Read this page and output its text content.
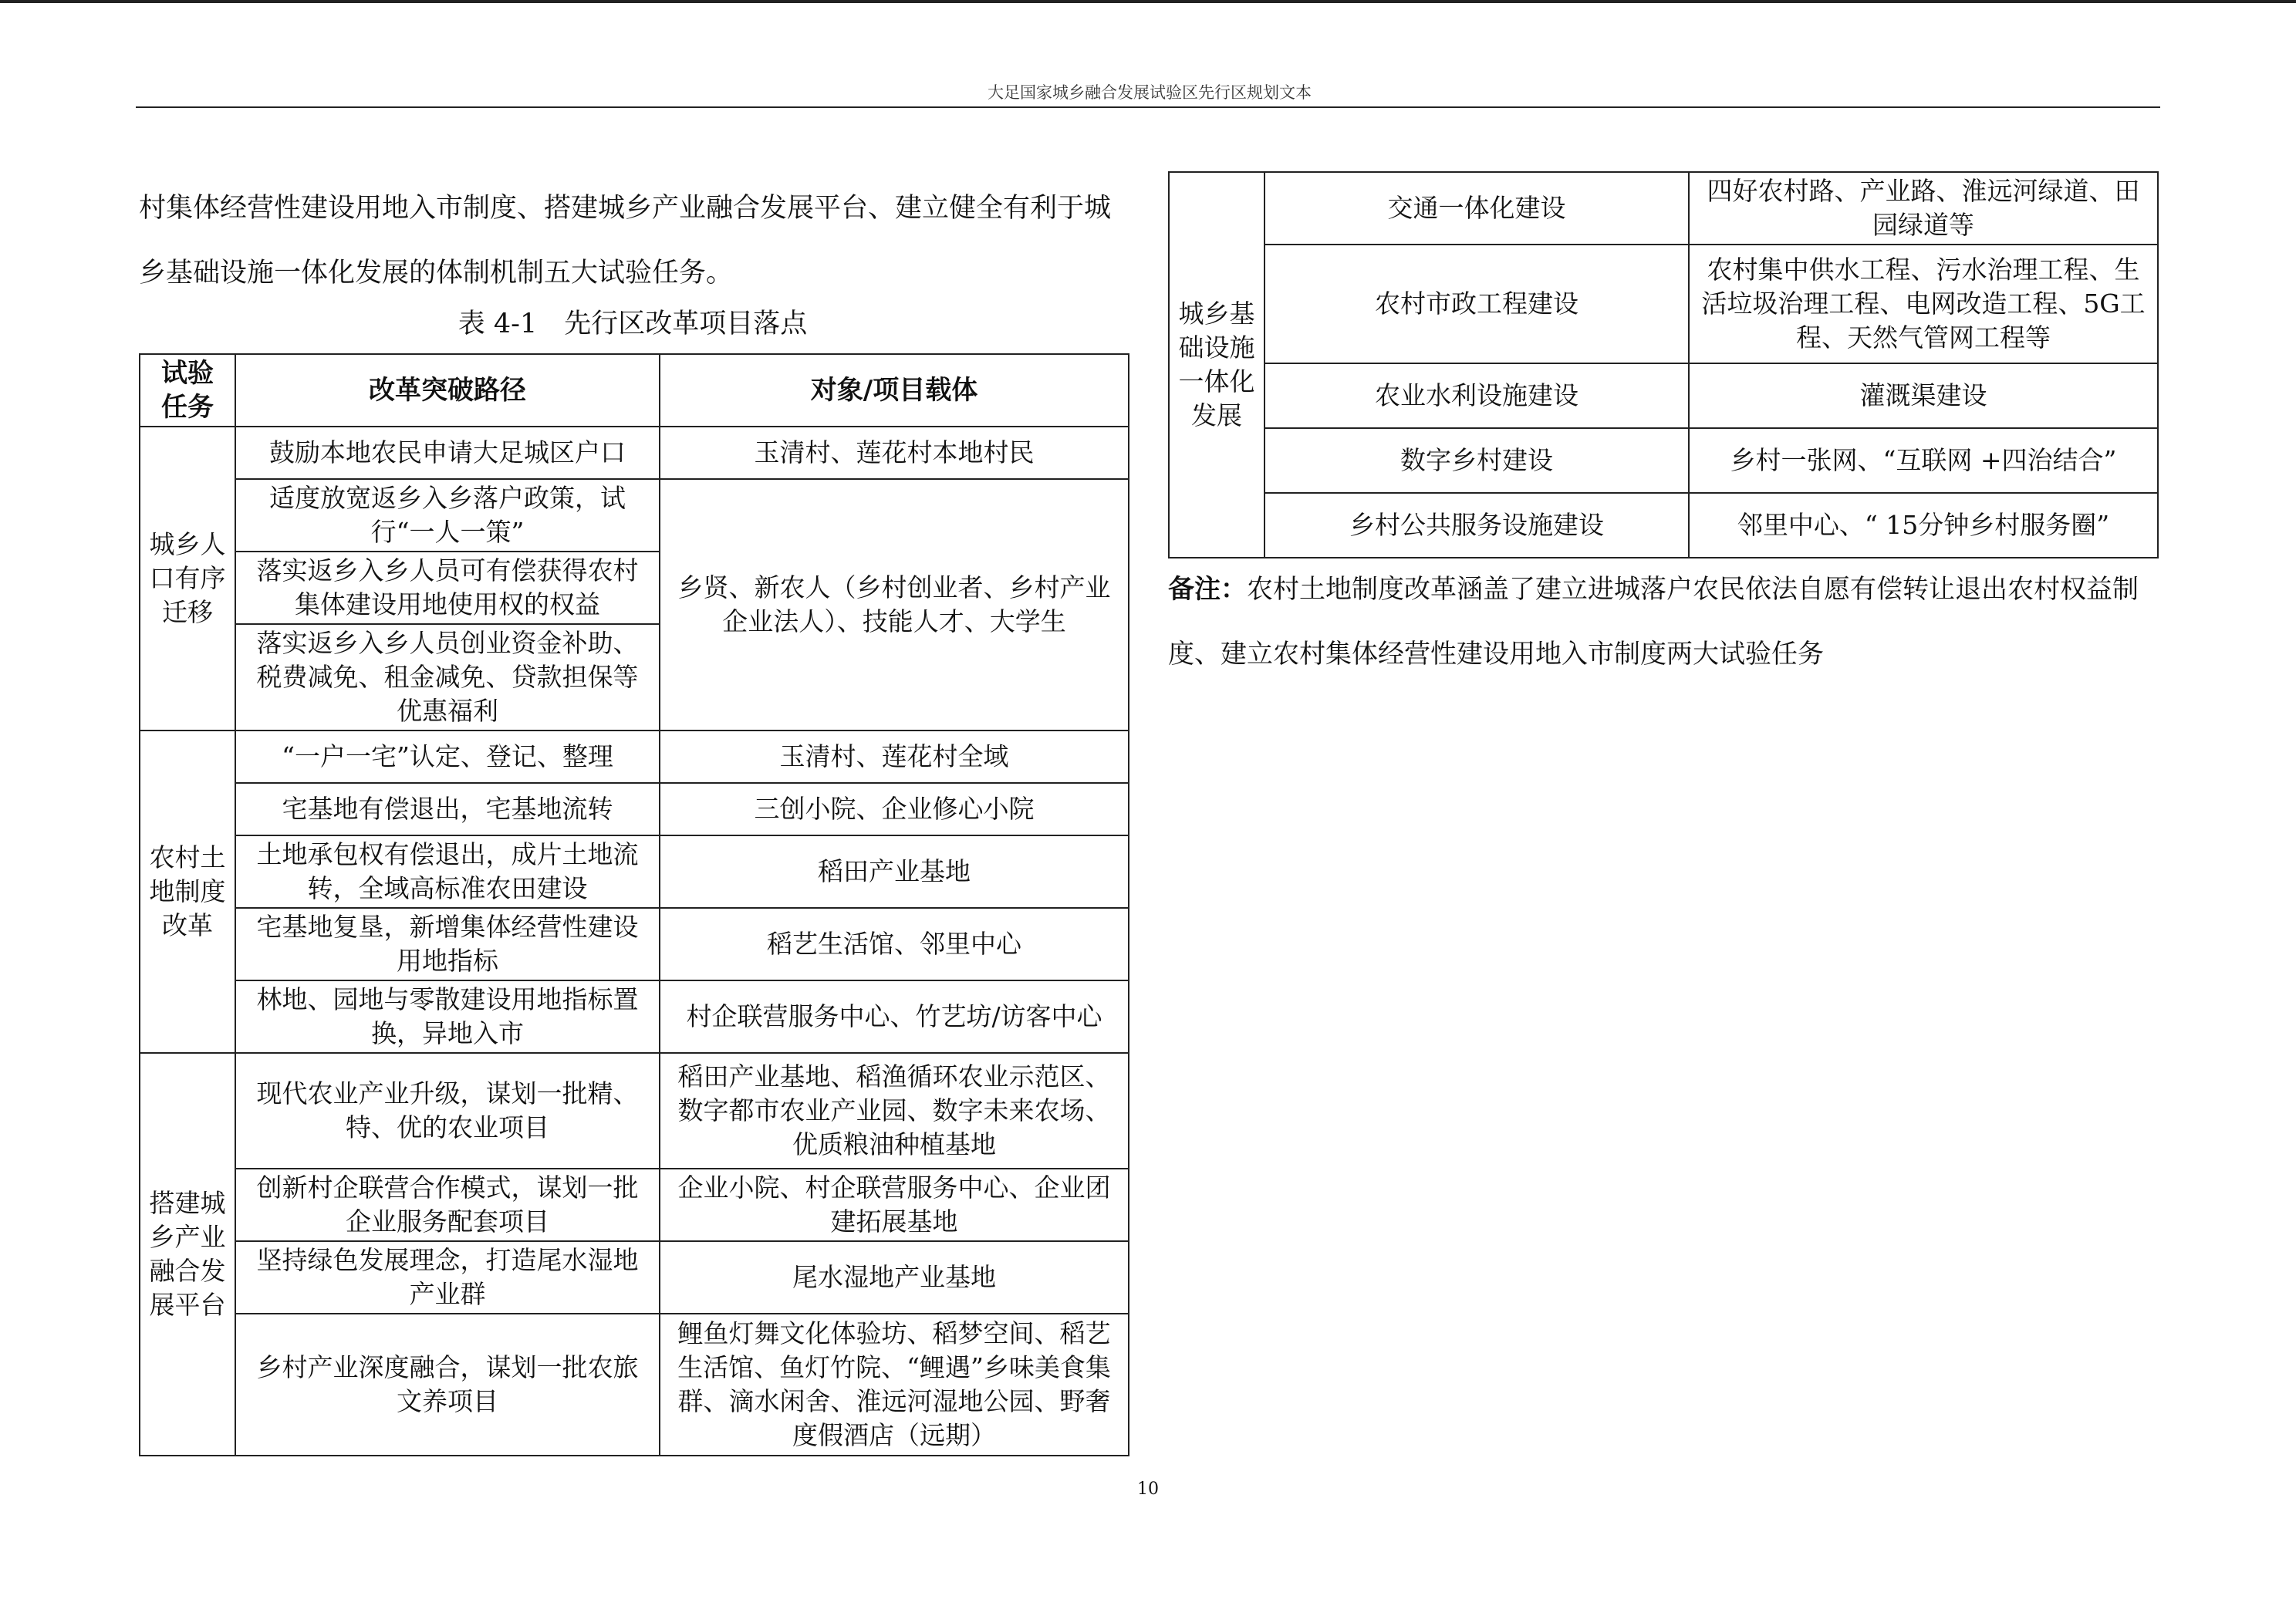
大足国家城乡融合发展试验区先行区规划文本

村集体经营性建设用地入市制度、搭建城乡产业融合发展平台、建立健全有利于城乡基础设施一体化发展的体制机制五大试验任务。

表 4-1　先行区改革项目落点

试验任务	改革突破路径	对象/项目载体
城乡人口有序迁移	鼓励本地农民申请大足城区户口	玉清村、莲花村本地村民
	适度放宽返乡入乡落户政策，试行“一人一策”	乡贤、新农人（乡村创业者、乡村产业企业法人）、技能人才、大学生
	落实返乡入乡人员可有偿获得农村集体建设用地使用权的权益	
	落实返乡入乡人员创业资金补助、税费减免、租金减免、贷款担保等优惠福利	
农村土地制度改革	“一户一宅”认定、登记、整理	玉清村、莲花村全域
	宅基地有偿退出，宅基地流转	三创小院、企业修心小院
	土地承包权有偿退出，成片土地流转，全域高标准农田建设	稻田产业基地
	宅基地复垦，新增集体经营性建设用地指标	稻艺生活馆、邻里中心
	林地、园地与零散建设用地指标置换，异地入市	村企联营服务中心、竹艺坊/访客中心
搭建城乡产业融合发展平台	现代农业产业升级，谋划一批精、特、优的农业项目	稻田产业基地、稻渔循环农业示范区、数字都市农业产业园、数字未来农场、优质粮油种植基地
	创新村企联营合作模式，谋划一批企业服务配套项目	企业小院、村企联营服务中心、企业团建拓展基地
	坚持绿色发展理念，打造尾水湿地产业群	尾水湿地产业基地
	乡村产业深度融合，谋划一批农旅文养项目	鲤鱼灯舞文化体验坊、稻梦空间、稻艺生活馆、鱼灯竹院、“鲤遇”乡味美食集群、滴水闲舍、淮远河湿地公园、野奢度假酒店（远期）
城乡基础设施一体化发展	交通一体化建设	四好农村路、产业路、淮远河绿道、田园绿道等
	农村市政工程建设	农村集中供水工程、污水治理工程、生活垃圾治理工程、电网改造工程、5G工程、天然气管网工程等
	农业水利设施建设	灌溉渠建设
	数字乡村建设	乡村一张网、“互联网 +四治结合”
	乡村公共服务设施建设	邻里中心、“ 15分钟乡村服务圈”

备注：农村土地制度改革涵盖了建立进城落户农民依法自愿有偿转让退出农村权益制度、建立农村集体经营性建设用地入市制度两大试验任务

10
